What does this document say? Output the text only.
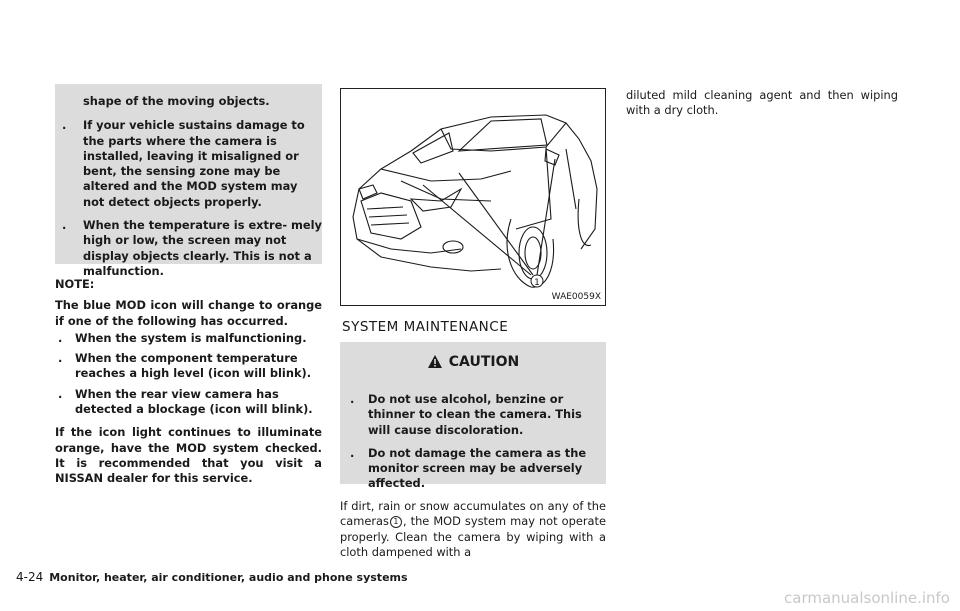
shape of the moving objects.
. If your vehicle sustains damage to the parts where the camera is installed, leaving it misaligned or bent, the sensing zone may be altered and the MOD system may not detect objects properly.
. When the temperature is extre- mely high or low, the screen may not display objects clearly. This is not a malfunction.

NOTE:

The blue MOD icon will change to orange if one of the following has occurred.

. When the system is malfunctioning.
. When the component temperature reaches a high level (icon will blink).
. When the rear view camera has detected a blockage (icon will blink).

If the icon light continues to illuminate orange, have the MOD system checked. It is recommended that you visit a NISSAN dealer for this service.

1
WAE0059X
SYSTEM MAINTENANCE
CAUTION
. Do not use alcohol, benzine or thinner to clean the camera. This will cause discoloration.
. Do not damage the camera as the monitor screen may be adversely affected.

If dirt, rain or snow accumulates on any of the cameras 1 , the MOD system may not operate properly. Clean the camera by wiping with a cloth dampened with a

diluted mild cleaning agent and then wiping with a dry cloth.

4-24 Monitor, heater, air conditioner, audio and phone systems
carmanualsonline.info
